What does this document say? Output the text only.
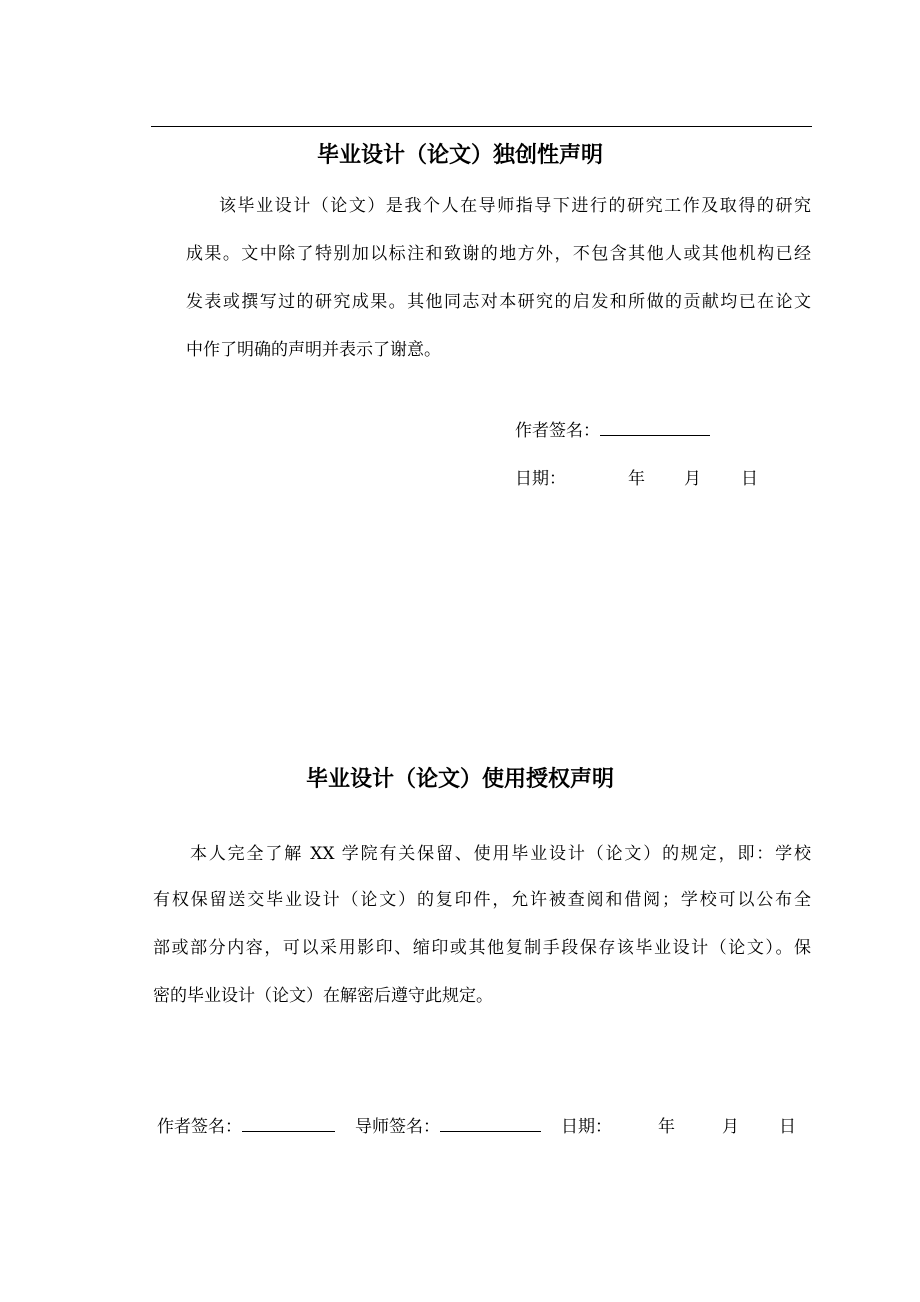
毕业设计（论文）独创性声明
该毕业设计（论文）是我个人在导师指导下进行的研究工作及取得的研究
成果。文中除了特别加以标注和致谢的地方外，不包含其他人或其他机构已经
发表或撰写过的研究成果。其他同志对本研究的启发和所做的贡献均已在论文
中作了明确的声明并表示了谢意。
作者签名：
日期：	年 月 日
毕业设计（论文）使用授权声明
本人完全了解 XX 学院有关保留、使用毕业设计（论文）的规定，即：学校
有权保留送交毕业设计（论文）的复印件，允许被查阅和借阅；学校可以公布全
部或部分内容，可以采用影印、缩印或其他复制手段保存该毕业设计（论文）。保
密的毕业设计（论文）在解密后遵守此规定。
作者签名：	导师签名：	日期：	年	月 日
